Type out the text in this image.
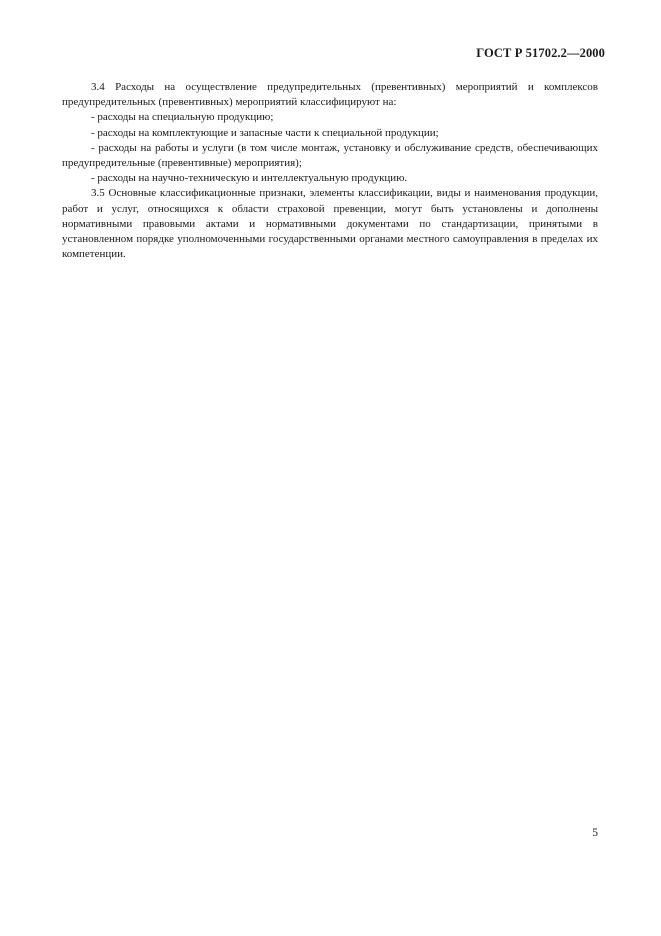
ГОСТ Р 51702.2—2000

3.4 Расходы на осуществление предупредительных (превентивных) мероприятий и комплексов предупредительных (превентивных) мероприятий классифицируют на:

- расходы на специальную продукцию;

- расходы на комплектующие и запасные части к специальной продукции;

- расходы на работы и услуги (в том числе монтаж, установку и обслуживание средств, обеспечивающих предупредительные (превентивные) мероприятия);

- расходы на научно-техническую и интеллектуальную продукцию.

3.5 Основные классификационные признаки, элементы классификации, виды и наименования продукции, работ и услуг, относящихся к области страховой превенции, могут быть установлены и дополнены нормативными правовыми актами и нормативными документами по стандартизации, принятыми в установленном порядке уполномоченными государственными органами местного самоуправления в пределах их компетенции.

5
